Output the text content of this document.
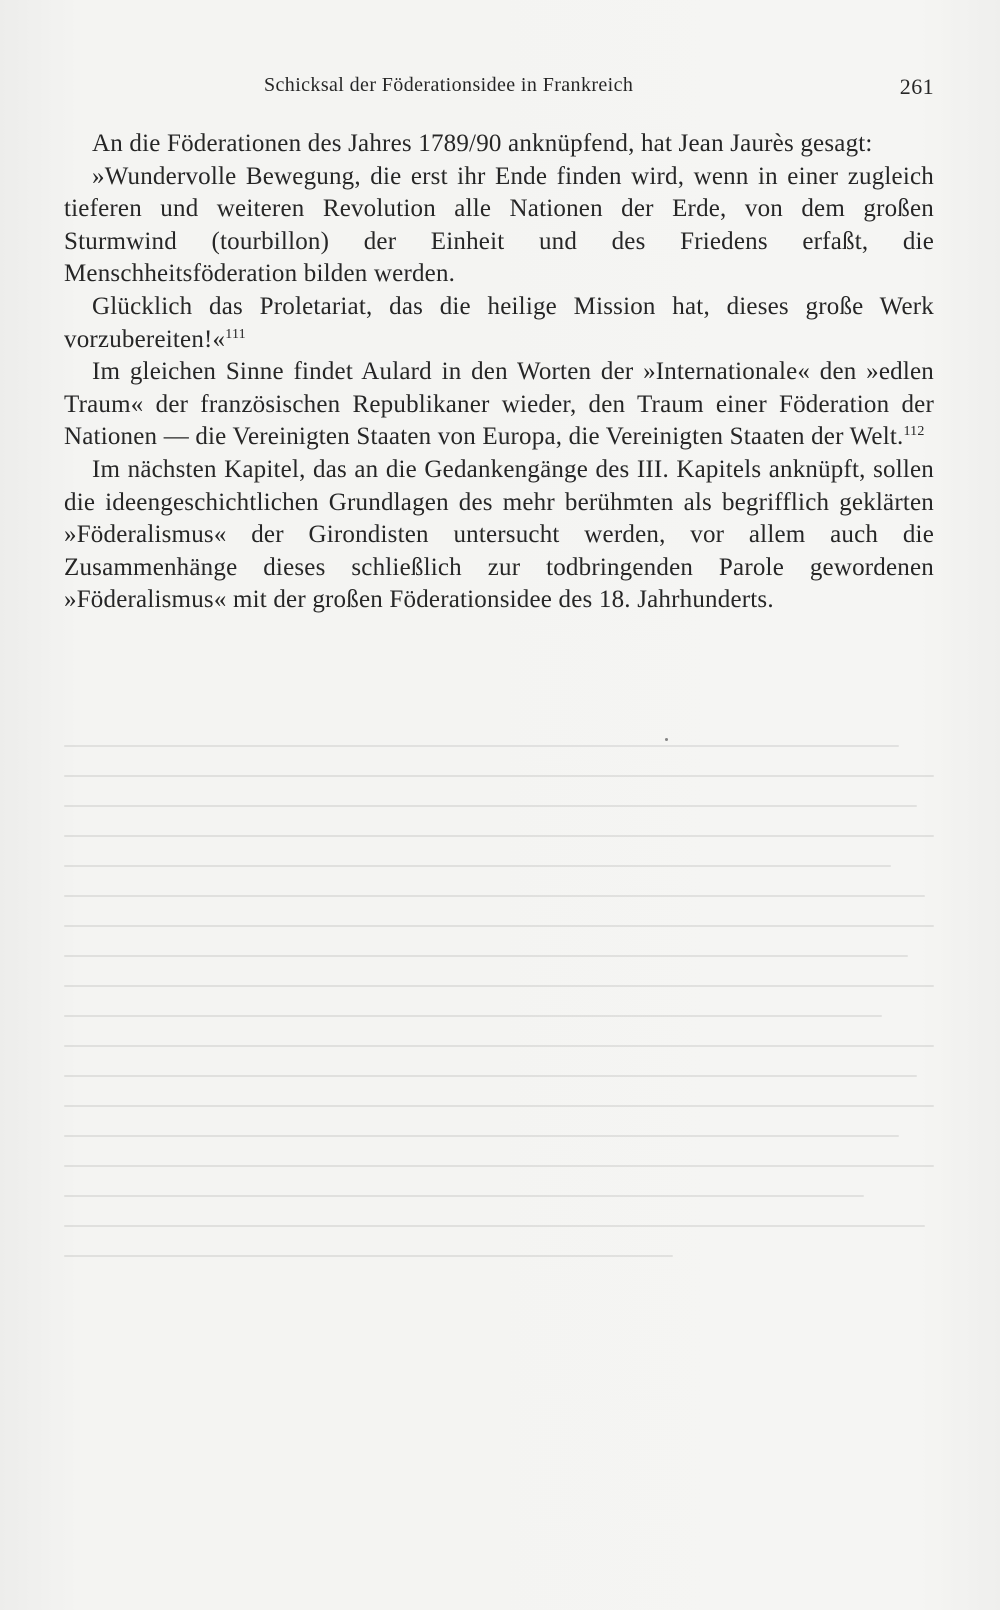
Schicksal der Föderationsidee in Frankreich	261

An die Föderationen des Jahres 1789/90 anknüpfend, hat Jean Jaurès gesagt:

»Wundervolle Bewegung, die erst ihr Ende finden wird, wenn in einer zugleich tieferen und weiteren Revolution alle Nationen der Erde, von dem großen Sturmwind (tourbillon) der Einheit und des Friedens erfaßt, die Menschheitsföderation bilden werden.

Glücklich das Proletariat, das die heilige Mission hat, dieses große Werk vorzubereiten!«$^{111}$

Im gleichen Sinne findet Aulard in den Worten der »Internationale« den »edlen Traum« der französischen Republikaner wieder, den Traum einer Föderation der Nationen — die Vereinigten Staaten von Europa, die Vereinigten Staaten der Welt.$^{112}$

Im nächsten Kapitel, das an die Gedankengänge des III. Kapitels anknüpft, sollen die ideengeschichtlichen Grundlagen des mehr berühmten als begrifflich geklärten »Föderalismus« der Girondisten untersucht werden, vor allem auch die Zusammenhänge dieses schließlich zur todbringenden Parole gewordenen »Föderalismus« mit der großen Föderationsidee des 18. Jahrhunderts.
